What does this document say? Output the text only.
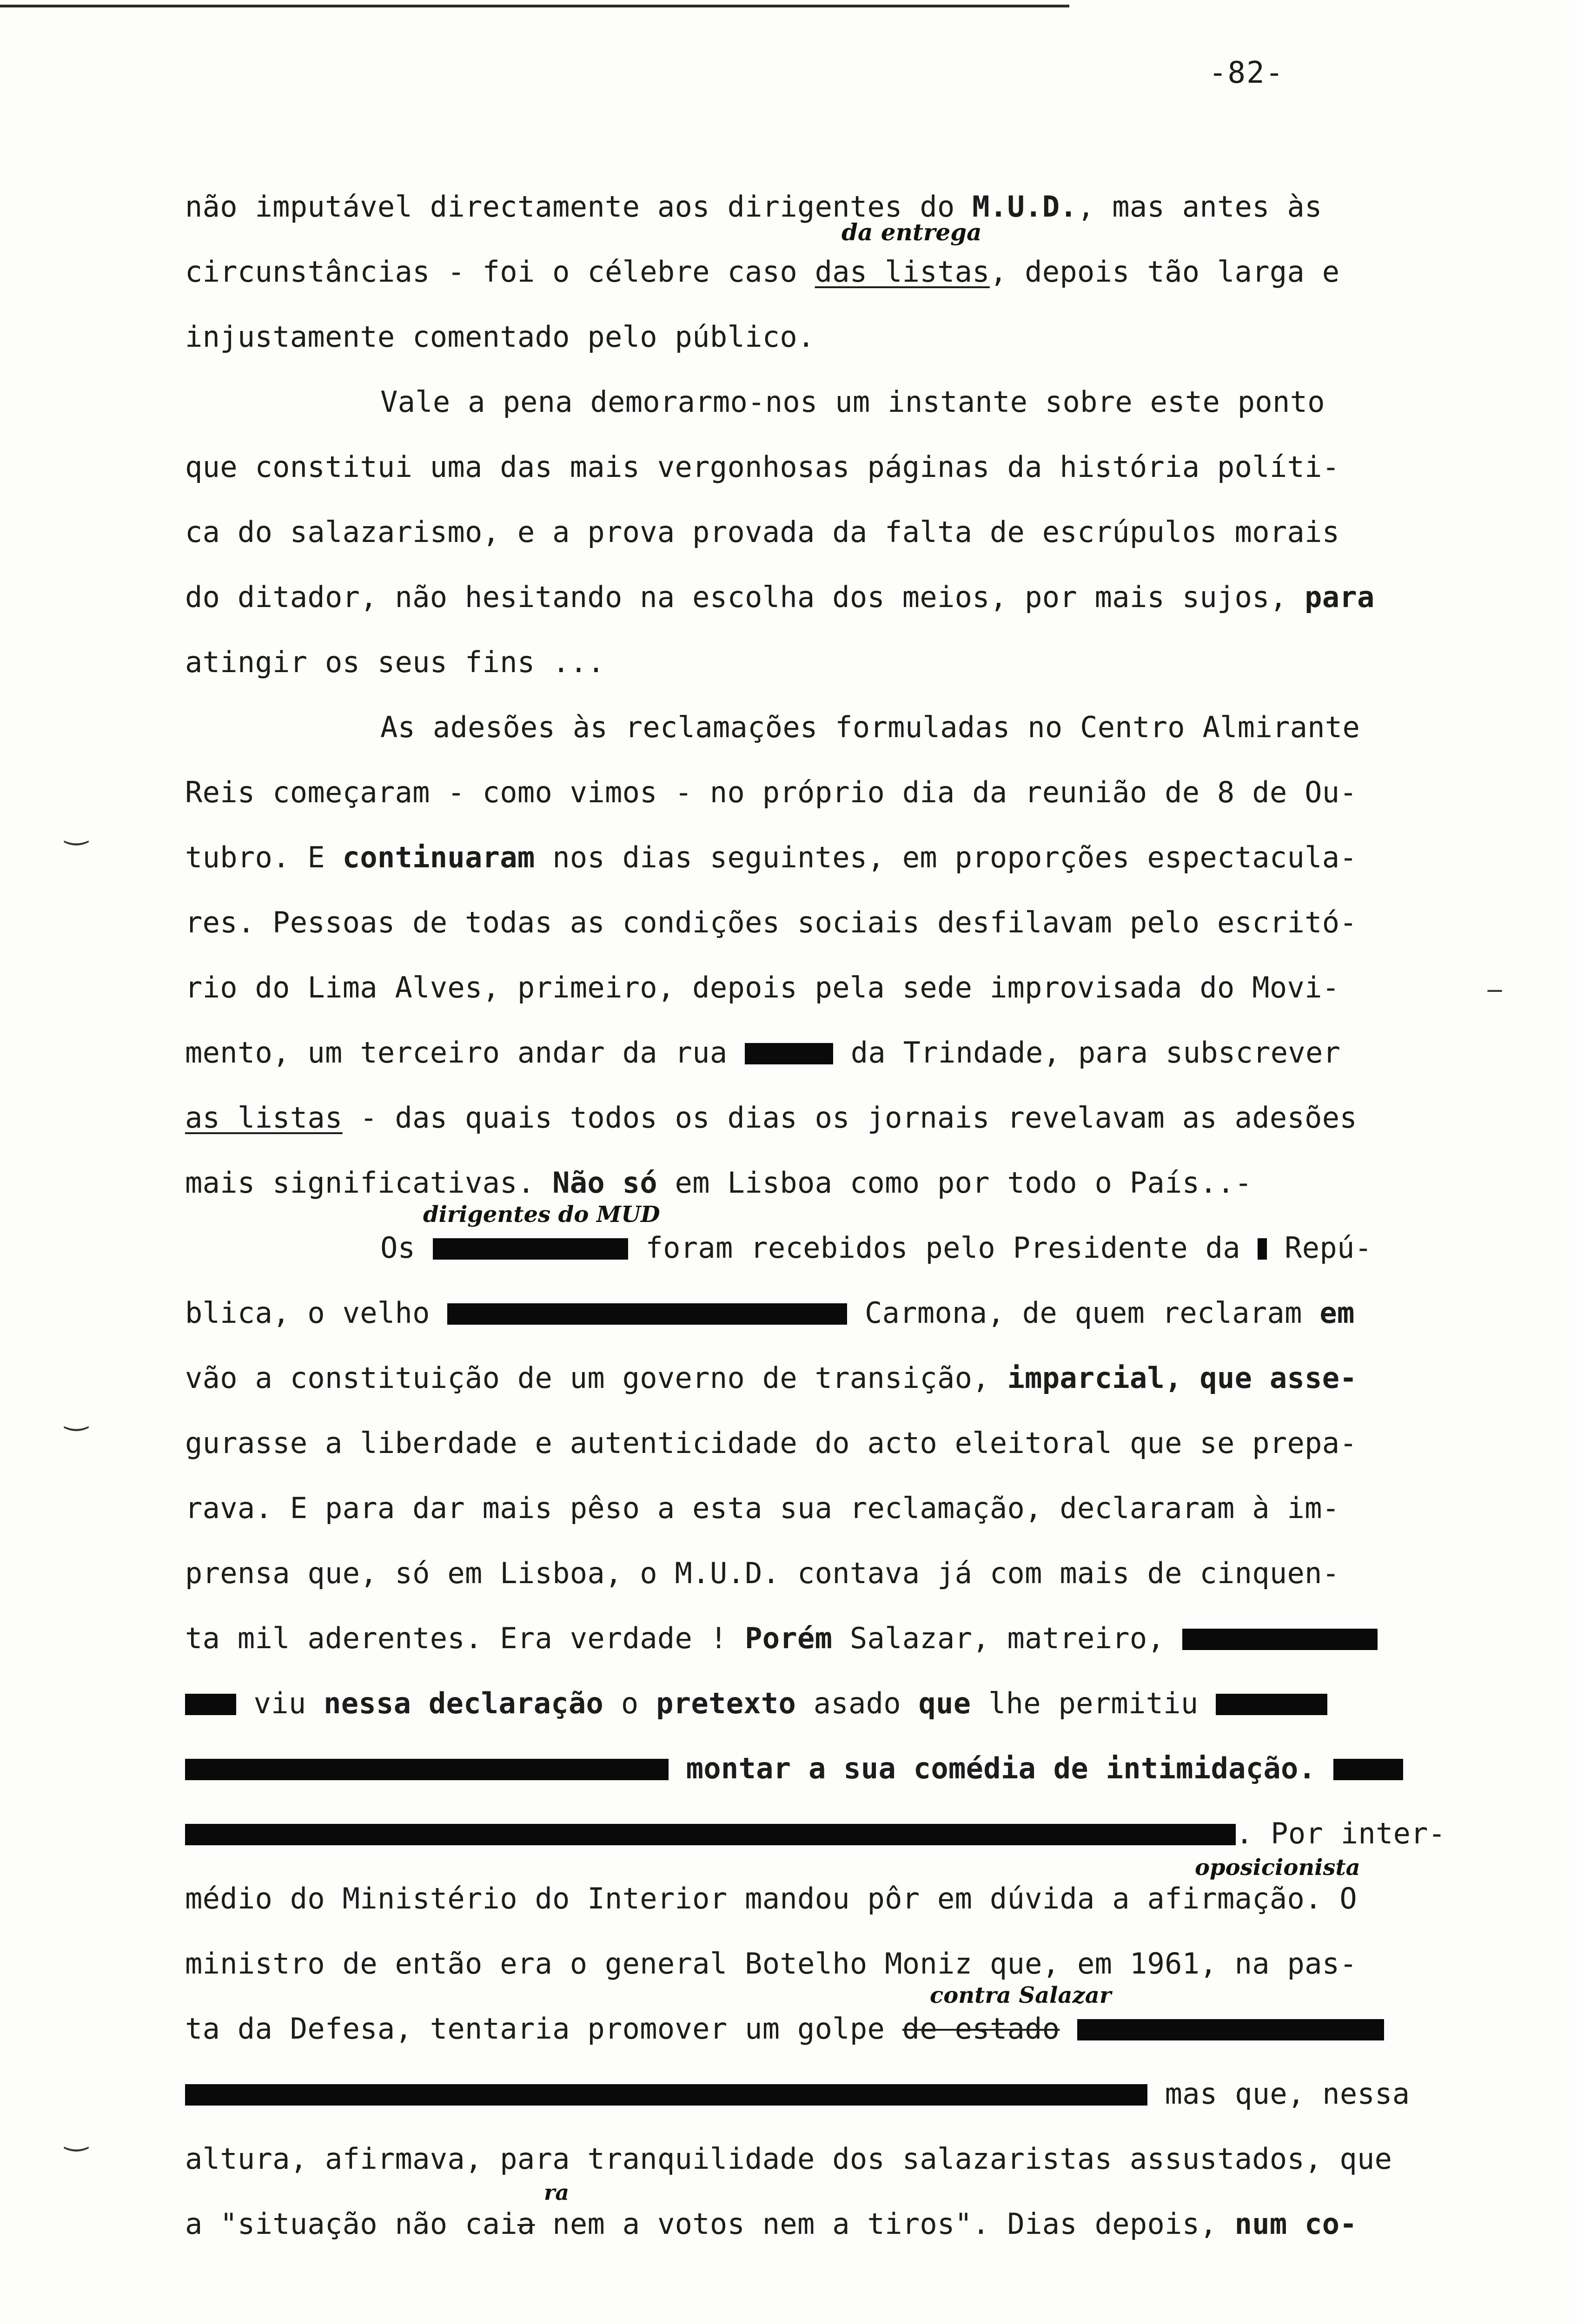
-82-
não imputável directamente aos dirigentes do M.U.D., mas antes às
circunstâncias - foi o célebre caso das listas, depois tão larga e
injustamente comentado pelo público.
Vale a pena demorarmo-nos um instante sobre este ponto
que constitui uma das mais vergonhosas páginas da história políti-
ca do salazarismo, e a prova provada da falta de escrúpulos morais
do ditador, não hesitando na escolha dos meios, por mais sujos, para
atingir os seus fins ...
As adesões às reclamações formuladas no Centro Almirante
Reis começaram - como vimos - no próprio dia da reunião de 8 de Ou-
tubro. E continuaram nos dias seguintes, em proporções espectacula-
res. Pessoas de todas as condições sociais desfilavam pelo escritó-
rio do Lima Alves, primeiro, depois pela sede improvisada do Movi-
mento, um terceiro andar da rua	da Trindade, para subscrever
as listas - das quais todos os dias os jornais revelavam as adesões
mais significativas. Não só em Lisboa como por todo o País..-
Os	foram recebidos pelo Presidente da  Repú-
blica, o velho	Carmona, de quem reclaram em
vão a constituição de um governo de transição, imparcial, que asse-
gurasse a liberdade e autenticidade do acto eleitoral que se prepa-
rava. E para dar mais pêso a esta sua reclamação, declararam à im-
prensa que, só em Lisboa, o M.U.D. contava já com mais de cinquen-
ta mil aderentes. Era verdade ! Porém Salazar, matreiro,
viu nessa declaração o pretexto asado que lhe permitiu
montar a sua comédia de intimidação.
. Por inter-
médio do Ministério do Interior mandou pôr em dúvida a afirmação. O
ministro de então era o general Botelho Moniz que, em 1961, na pas-
ta da Defesa, tentaria promover um golpe de estado
mas que, nessa
altura, afirmava, para tranquilidade dos salazaristas assustados, que
a "situação não caia nem a votos nem a tiros". Dias depois, num co-
da entrega
dirigentes do MUD
oposicionista
contra Salazar
ra
‿
‿
‿
‾
